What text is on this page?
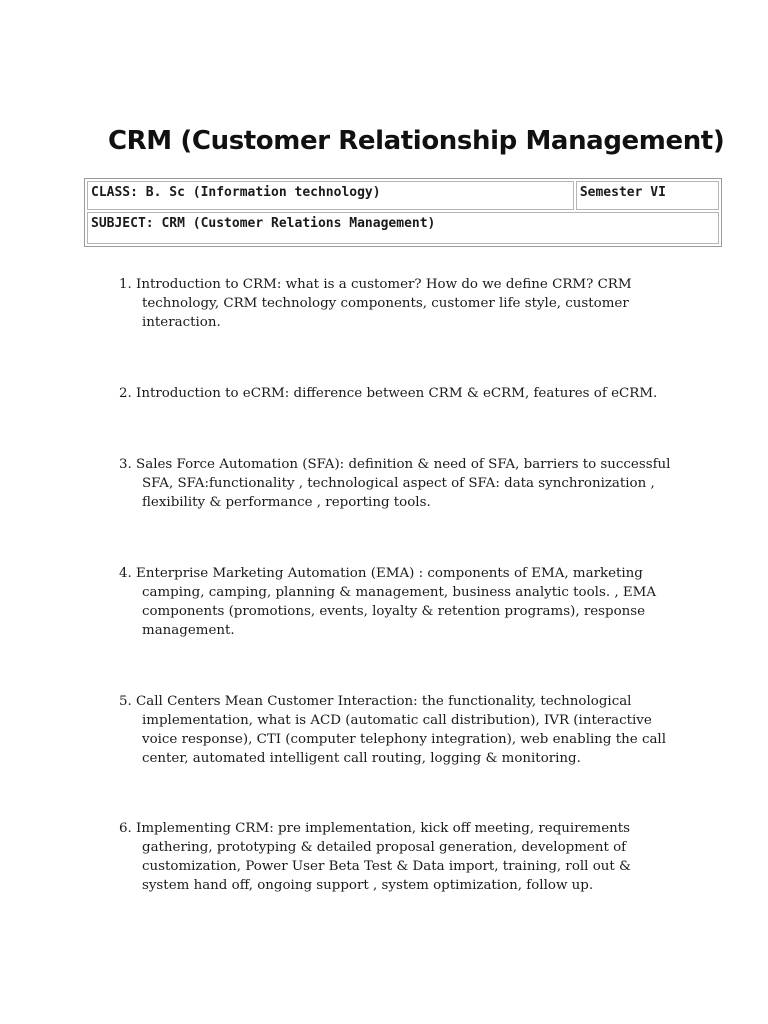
CRM (Customer Relationship Management)
CLASS: B. Sc (Information technology)	Semester VI
SUBJECT: CRM (Customer Relations Management)
1. Introduction to CRM: what is a customer? How do we define CRM? CRM technology, CRM technology components, customer life style, customer interaction.
2. Introduction to eCRM: difference between CRM & eCRM, features of eCRM.
3. Sales Force Automation (SFA): definition & need of SFA, barriers to successful SFA, SFA:functionality , technological aspect of SFA: data synchronization , flexibility & performance , reporting tools.
4. Enterprise Marketing Automation (EMA) : components of EMA, marketing camping, camping, planning & management, business analytic tools. , EMA components (promotions, events, loyalty & retention programs), response management.
5. Call Centers Mean Customer Interaction: the functionality, technological implementation, what is ACD (automatic call distribution), IVR (interactive voice response), CTI (computer telephony integration), web enabling the call center, automated intelligent call routing, logging & monitoring.
6. Implementing CRM: pre implementation, kick off meeting, requirements gathering, prototyping & detailed proposal generation, development of customization, Power User Beta Test & Data import, training, roll out & system hand off, ongoing support , system optimization, follow up.
